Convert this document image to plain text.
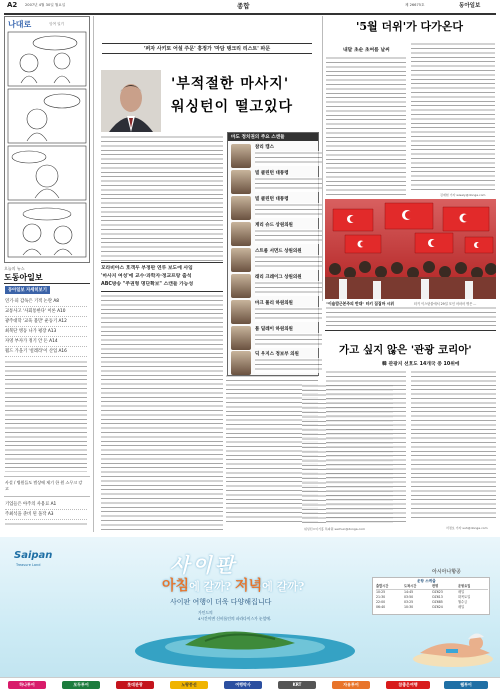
A2 2007년 4월 30일 월요일	종합	제 26675호	동아일보
나대로	잉여 일기
오늘의 뉴스
도동아일보
동아일보 자세히보기
연기·피 감독은 기적 논란 A8
교통사고 '사회통한다' 이론 A10
광주대학 '교육 불만' 운동기 A12
최북단 병동 나가 평장 A13
자영 부자가 정기 안 돈 A14
월드 가을기 '설레라'이 산업 A16
사설 / 병원들도 범상에 제기 한 원 스무크 강 고
기업들은 아주의 사용료 A1
주최석을 준비 된 돌작 A3
'퍼자 사키또 어설 주문' 흥정가 '마담 탱크리 리스트' 파문
'부적절한 마사지'
워싱턴이 떨고있다
모라비아스 호객두 부정판 연루 보도에 사임
'마사지 여성'에 교수·과학자·정교프랑 출석
ABC방송 "주권형 명단확보" 스캔들 가능성
워싱턴=이기홍 특파원 sechun@donga.com
마도 정치권의 주요 스캔들
참리 캠스
빌 클린턴 대통령
빌 클린턴 대통령
게리 슈드 상원의원
스트롬 서먼드 상원의원
래리 크레이그 상원의원
마크 폴리 하원의원
톰 딜레이 하원의원
딕 우지스 정보부 의원
'5월 더위'가 다가온다
내달 초순 초여름 날씨
김재현 기자 wisely@donga.com
"이슬람근본주의 반대" 터키 집집마 시위	터키 이스탄불에서 29일 모인 어마어 명은 ...
가고 싶지 않은 '관광 코리아'
韓 관광지 선호도 14개국 중 10위에
서정보 기자 suh@donga.com
Saipan
Treasure Land	사이판
아침에 갈까? 저녁에 갈까?
사이판 여행이 더욱 다양해집니다
가인드의
4시간이면 신비롭인의 파라다이스가 눈앞에.
아시아나항공
운항 스케줄
출발시간	도착시간	편명	운항요일
10:25	14:45	OZ623	매일
21:30	03:50	OZ613	화목토일
22:00	03:25	OZ685	월수금
06:40	10:30	OZ624	매일
하나투어	모두투어	롯데관광	노랑풍선	여행박사	KRT	자유투어	참좋은여행	웹투어
